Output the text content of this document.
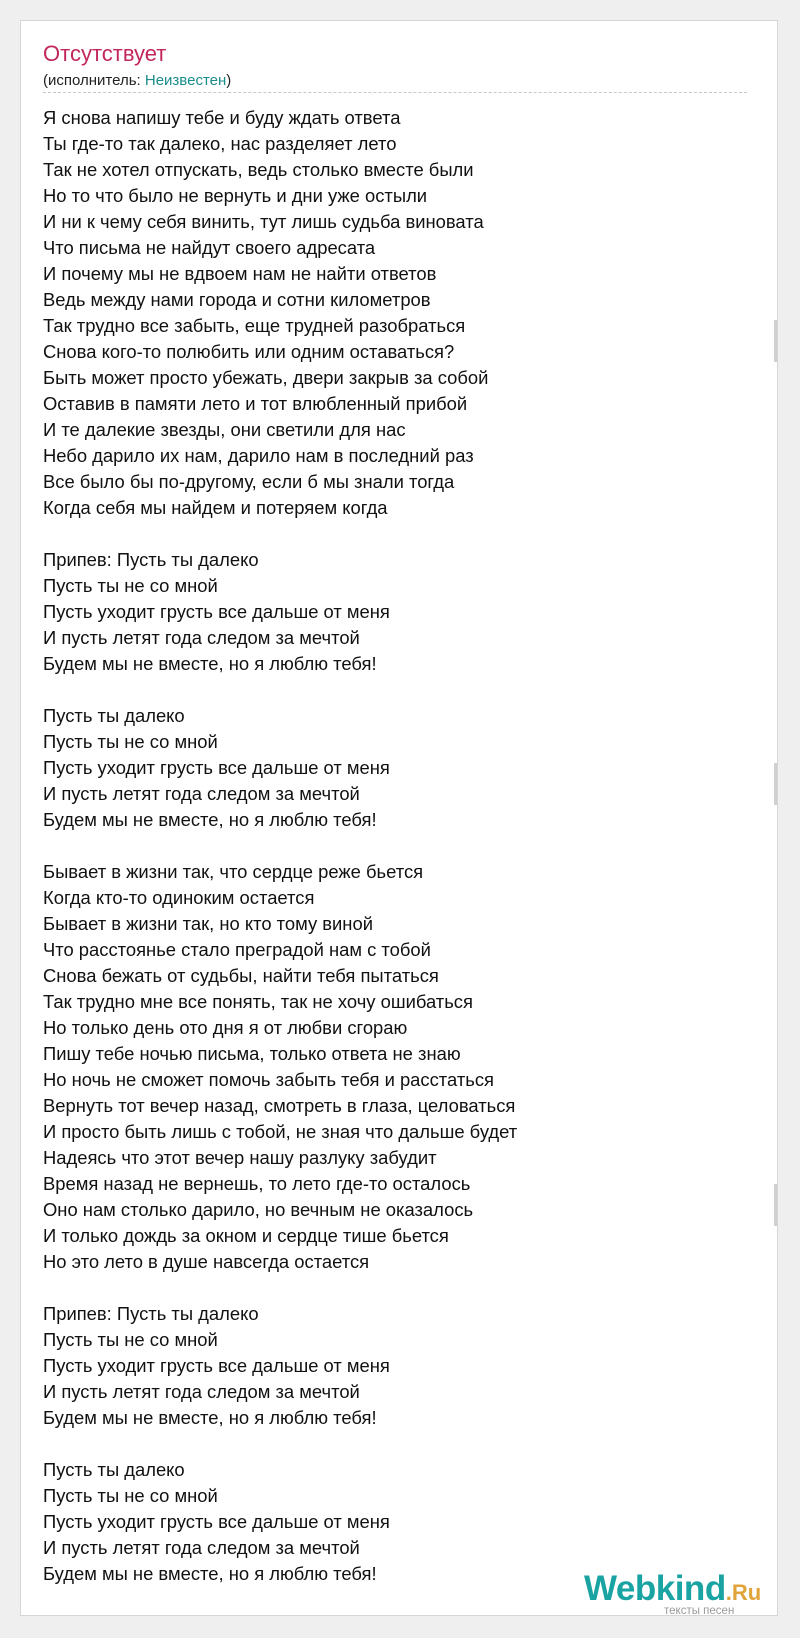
Отсутствует
(исполнитель: Неизвестен)
Я снова напишу тебе и буду ждать ответа
Ты где-то так далеко, нас разделяет лето
Так не хотел отпускать, ведь столько вместе были
Но то что было не вернуть и дни уже остыли
И ни к чему себя винить, тут лишь судьба виновата
Что письма не найдут своего адресата
И почему мы не вдвоем нам не найти ответов
Ведь между нами города и сотни километров
Так трудно все забыть, еще трудней разобраться
Снова кого-то полюбить или одним оставаться?
Быть может просто убежать, двери закрыв за собой
Оставив в памяти лето и тот влюбленный прибой
И те далекие звезды, они светили для нас
Небо дарило их нам, дарило нам в последний раз
Все было бы по-другому, если б мы знали тогда
Когда себя мы найдем и потеряем когда
Припев: Пусть ты далеко
Пусть ты не со мной
Пусть уходит грусть все дальше от меня
И пусть летят года следом за мечтой
Будем мы не вместе, но я люблю тебя!
Пусть ты далеко
Пусть ты не со мной
Пусть уходит грусть все дальше от меня
И пусть летят года следом за мечтой
Будем мы не вместе, но я люблю тебя!
Бывает в жизни так, что сердце реже бьется
Когда кто-то одиноким остается
Бывает в жизни так, но кто тому виной
Что расстоянье стало преградой нам с тобой
Снова бежать от судьбы, найти тебя пытаться
Так трудно мне все понять, так не хочу ошибаться
Но только день ото дня я от любви сгораю
Пишу тебе ночью письма, только ответа не знаю
Но ночь не сможет помочь забыть тебя и расстаться
Вернуть тот вечер назад, смотреть в глаза, целоваться
И просто быть лишь с тобой, не зная что дальше будет
Надеясь что этот вечер нашу разлуку забудит
Время назад не вернешь, то лето где-то осталось
Оно нам столько дарило, но вечным не оказалось
И только дождь за окном и сердце тише бьется
Но это лето в душе навсегда остается
Припев: Пусть ты далеко
Пусть ты не со мной
Пусть уходит грусть все дальше от меня
И пусть летят года следом за мечтой
Будем мы не вместе, но я люблю тебя!
Пусть ты далеко
Пусть ты не со мной
Пусть уходит грусть все дальше от меня
И пусть летят года следом за мечтой
Будем мы не вместе, но я люблю тебя!	Webkind.Ru
тексты песен
